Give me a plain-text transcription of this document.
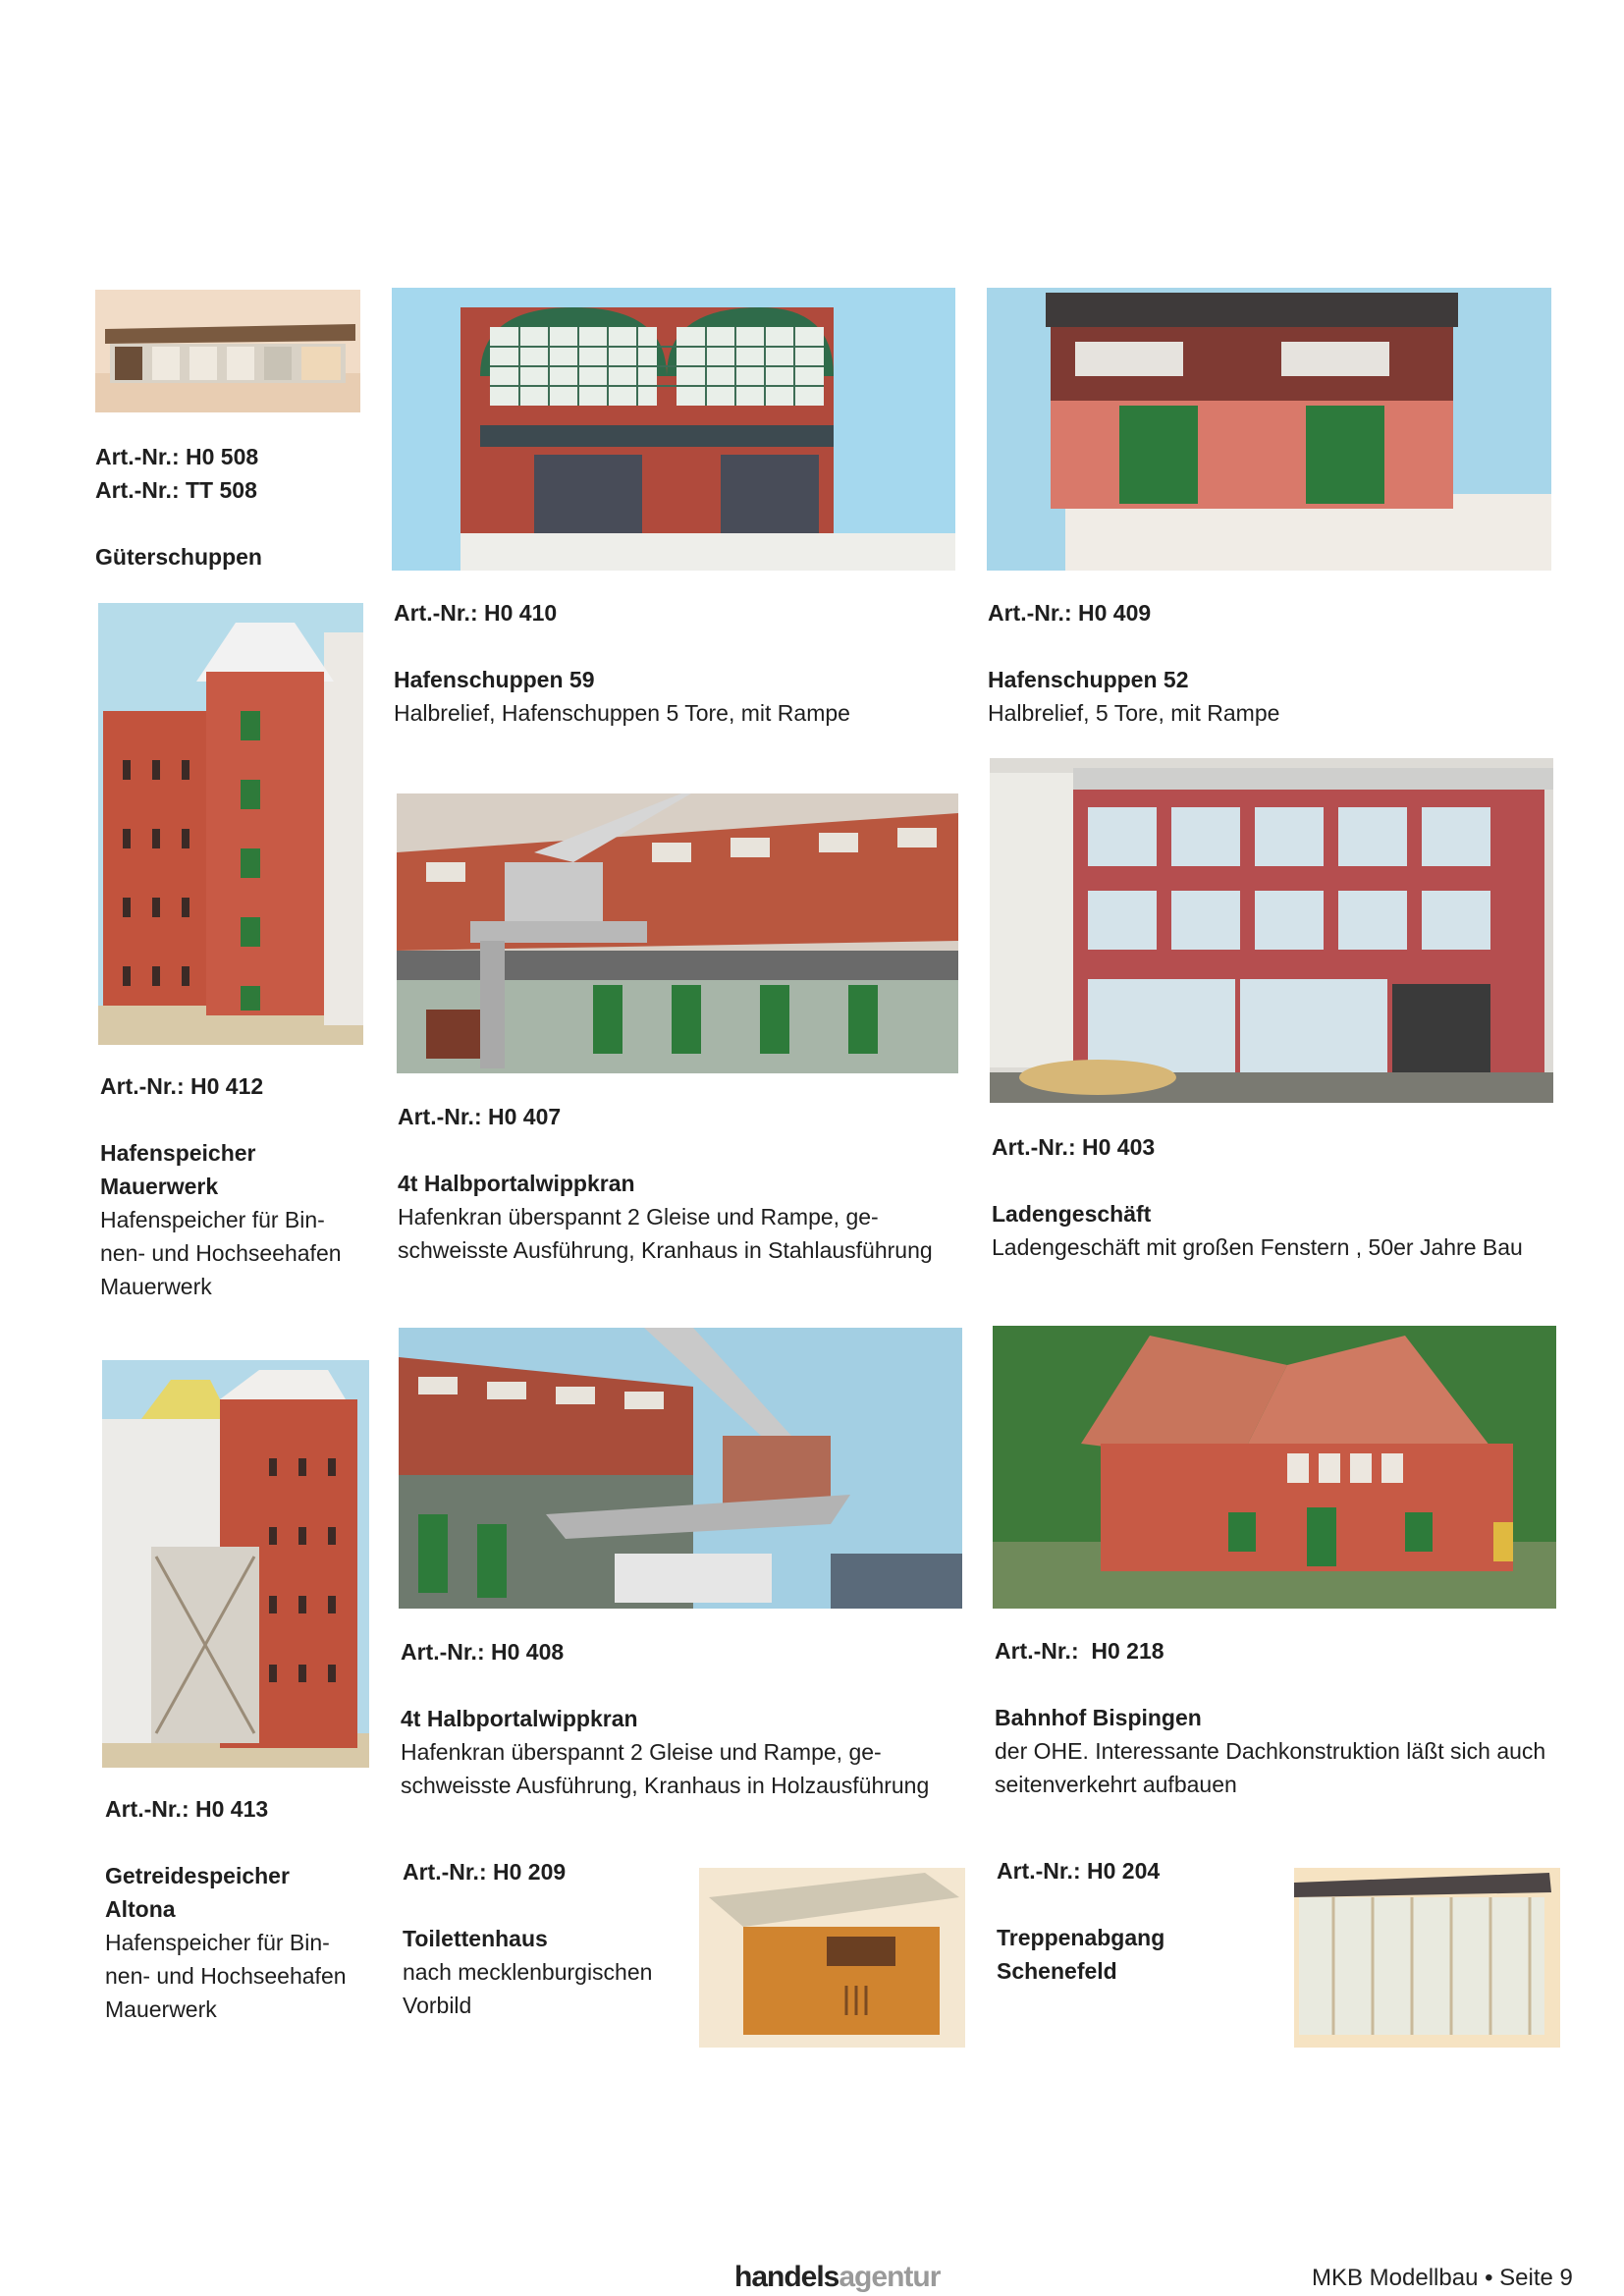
Art.-Nr.: H0 508
Art.-Nr.: TT 508
Güterschuppen
Art.-Nr.: H0 410
Hafenschuppen 59
Halbrelief, Hafenschuppen 5 Tore, mit Rampe
Art.-Nr.: H0 409
Hafenschuppen 52
Halbrelief, 5 Tore, mit Rampe
Art.-Nr.: H0 412
Hafenspeicher
Mauerwerk
Hafenspeicher für Bin-
nen- und Hochseehafen
Mauerwerk
Art.-Nr.: H0 407
4t Halbportalwippkran
Hafenkran überspannt 2 Gleise und Rampe, ge-
schweisste Ausführung, Kranhaus in Stahlausführung
Art.-Nr.: H0 403
Ladengeschäft
Ladengeschäft mit großen Fenstern , 50er Jahre Bau
Art.-Nr.: H0 413
Getreidespeicher
Altona
Hafenspeicher für Bin-
nen- und Hochseehafen
Mauerwerk
Art.-Nr.: H0 408
4t Halbportalwippkran
Hafenkran überspannt 2 Gleise und Rampe, ge-
schweisste Ausführung, Kranhaus in Holzausführung
Art.-Nr.:  H0 218
Bahnhof Bispingen
der OHE. Interessante Dachkonstruktion läßt sich auch
seitenverkehrt aufbauen
Art.-Nr.: H0 209
Toilettenhaus
nach mecklenburgischen
Vorbild
Art.-Nr.: H0 204
Treppenabgang
Schenefeld
handelsagentur	MKB Modellbau • Seite 9
